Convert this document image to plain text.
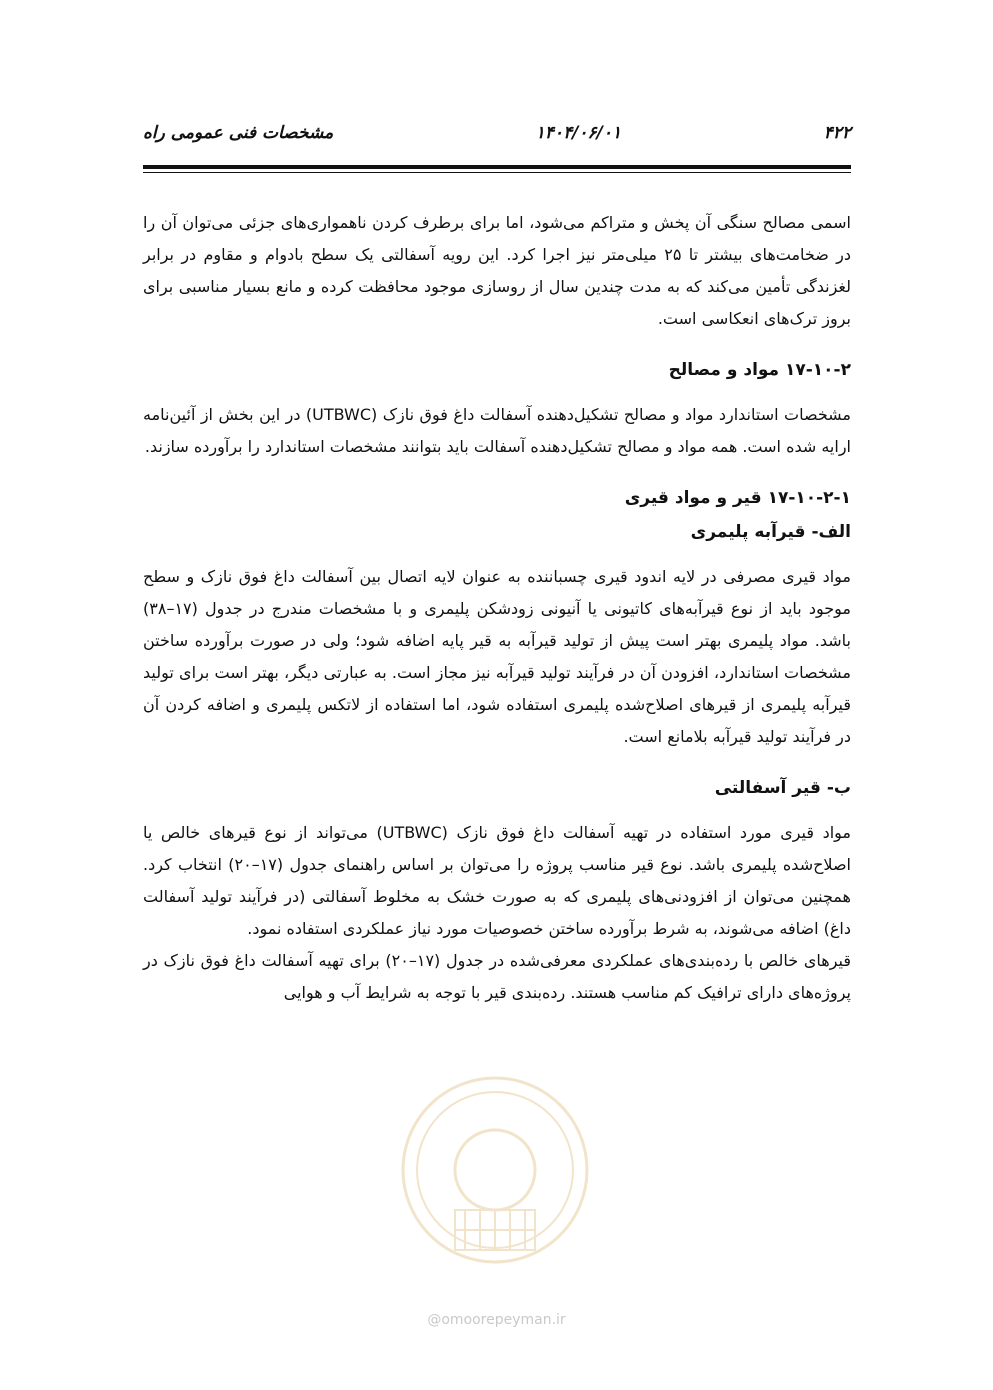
۴۲۲
۱۴۰۴/۰۶/۰۱
مشخصات فنی عمومی راه

اسمی مصالح سنگی آن پخش و متراکم می‌شود، اما برای برطرف کردن ناهمواری‌های جزئی می‌توان آن را در ضخامت‌های بیشتر تا ۲۵ میلی‌متر نیز اجرا کرد. این رویه آسفالتی یک سطح بادوام و مقاوم در برابر لغزندگی تأمین می‌کند که به مدت چندین سال از روسازی موجود محافظت کرده و مانع بسیار مناسبی برای بروز ترک‌های انعکاسی است.

۱۷-۱۰-۲ مواد و مصالح

مشخصات استاندارد مواد و مصالح تشکیل‌دهنده آسفالت داغ فوق نازک (UTBWC) در این بخش از آئین‌نامه ارایه شده است. همه مواد و مصالح تشکیل‌دهنده آسفالت باید بتوانند مشخصات استاندارد را برآورده سازند.

۱۷-۱۰-۲-۱ قیر و مواد قیری

الف- قیرآبه پلیمری

مواد قیری مصرفی در لایه اندود قیری چسباننده به عنوان لایه اتصال بین آسفالت داغ فوق نازک و سطح موجود باید از نوع قیرآبه‌های کاتیونی یا آنیونی زودشکن پلیمری و با مشخصات مندرج در جدول (۱۷–۳۸) باشد. مواد پلیمری بهتر است پیش از تولید قیرآبه به قیر پایه اضافه شود؛ ولی در صورت برآورده ساختن مشخصات استاندارد، افزودن آن در فرآیند تولید قیرآبه نیز مجاز است. به عبارتی دیگر، بهتر است برای تولید قیرآبه پلیمری از قیرهای اصلاح‌شده پلیمری استفاده شود، اما استفاده از لاتکس پلیمری و اضافه کردن آن در فرآیند تولید قیرآبه بلامانع است.

ب- قیر آسفالتی

مواد قیری مورد استفاده در تهیه آسفالت داغ فوق نازک (UTBWC) می‌تواند از نوع قیرهای خالص یا اصلاح‌شده پلیمری باشد. نوع قیر مناسب پروژه را می‌توان بر اساس راهنمای جدول (۱۷–۲۰) انتخاب کرد. همچنین می‌توان از افزودنی‌های پلیمری که به صورت خشک به مخلوط آسفالتی (در فرآیند تولید آسفالت داغ) اضافه می‌شوند، به شرط برآورده ساختن خصوصیات مورد نیاز عملکردی استفاده نمود.

قیرهای خالص با رده‌بندی‌های عملکردی معرفی‌شده در جدول (۱۷–۲۰) برای تهیه آسفالت داغ فوق نازک در پروژه‌های دارای ترافیک کم مناسب هستند. رده‌بندی قیر با توجه به شرایط آب و هوایی

@omoorepeyman.ir
